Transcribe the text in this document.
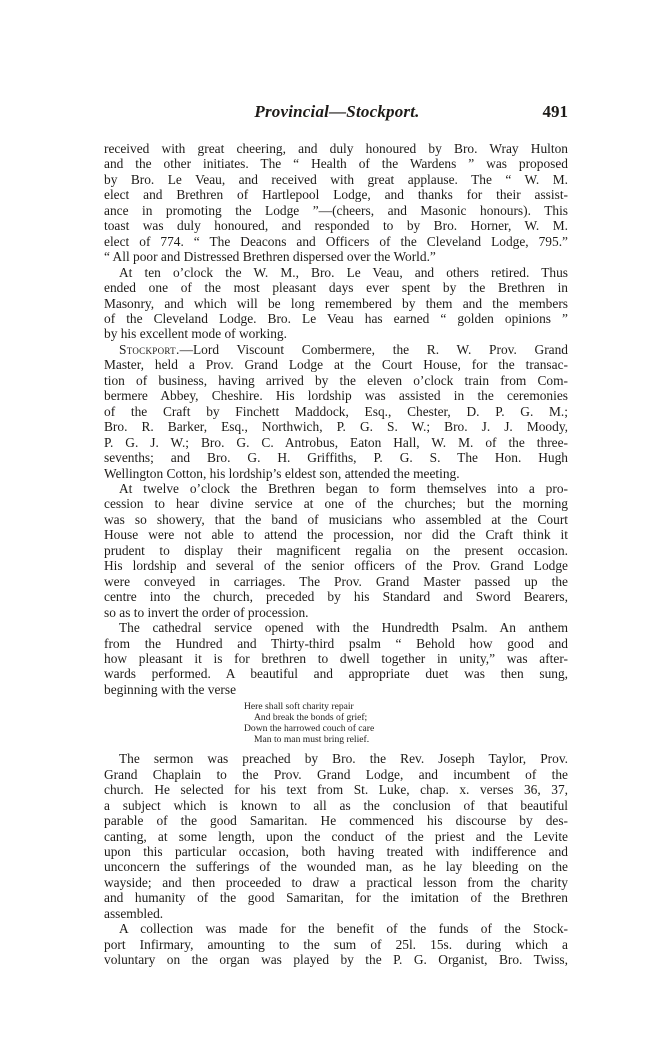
Provincial—Stockport.	491

received with great cheering, and duly honoured by Bro. Wray Hulton
and the other initiates. The “ Health of the Wardens ” was proposed
by Bro. Le Veau, and received with great applause. The “ W. M.
elect and Brethren of Hartlepool Lodge, and thanks for their assist-
ance in promoting the Lodge ”—(cheers, and Masonic honours). This
toast was duly honoured, and responded to by Bro. Horner, W. M.
elect of 774. “ The Deacons and Officers of the Cleveland Lodge, 795.”
“ All poor and Distressed Brethren dispersed over the World.”

At ten o’clock the W. M., Bro. Le Veau, and others retired. Thus
ended one of the most pleasant days ever spent by the Brethren in
Masonry, and which will be long remembered by them and the members
of the Cleveland Lodge. Bro. Le Veau has earned “ golden opinions ”
by his excellent mode of working.

Stockport.—Lord Viscount Combermere, the R. W. Prov. Grand
Master, held a Prov. Grand Lodge at the Court House, for the transac-
tion of business, having arrived by the eleven o’clock train from Com-
bermere Abbey, Cheshire. His lordship was assisted in the ceremonies
of the Craft by Finchett Maddock, Esq., Chester, D. P. G. M.;
Bro. R. Barker, Esq., Northwich, P. G. S. W.; Bro. J. J. Moody,
P. G. J. W.; Bro. G. C. Antrobus, Eaton Hall, W. M. of the three-
sevenths; and Bro. G. H. Griffiths, P. G. S. The Hon. Hugh
Wellington Cotton, his lordship’s eldest son, attended the meeting.

At twelve o’clock the Brethren began to form themselves into a pro-
cession to hear divine service at one of the churches; but the morning
was so showery, that the band of musicians who assembled at the Court
House were not able to attend the procession, nor did the Craft think it
prudent to display their magnificent regalia on the present occasion.
His lordship and several of the senior officers of the Prov. Grand Lodge
were conveyed in carriages. The Prov. Grand Master passed up the
centre into the church, preceded by his Standard and Sword Bearers,
so as to invert the order of procession.

The cathedral service opened with the Hundredth Psalm. An anthem
from the Hundred and Thirty-third psalm “ Behold how good and
how pleasant it is for brethren to dwell together in unity,” was after-
wards performed. A beautiful and appropriate duet was then sung,
beginning with the verse

Here shall soft charity repair
And break the bonds of grief;
Down the harrowed couch of care
Man to man must bring relief.

The sermon was preached by Bro. the Rev. Joseph Taylor, Prov.
Grand Chaplain to the Prov. Grand Lodge, and incumbent of the
church. He selected for his text from St. Luke, chap. x. verses 36, 37,
a subject which is known to all as the conclusion of that beautiful
parable of the good Samaritan. He commenced his discourse by des-
canting, at some length, upon the conduct of the priest and the Levite
upon this particular occasion, both having treated with indifference and
unconcern the sufferings of the wounded man, as he lay bleeding on the
wayside; and then proceeded to draw a practical lesson from the charity
and humanity of the good Samaritan, for the imitation of the Brethren
assembled.

A collection was made for the benefit of the funds of the Stock-
port Infirmary, amounting to the sum of 25l. 15s. during which a
voluntary on the organ was played by the P. G. Organist, Bro. Twiss,
